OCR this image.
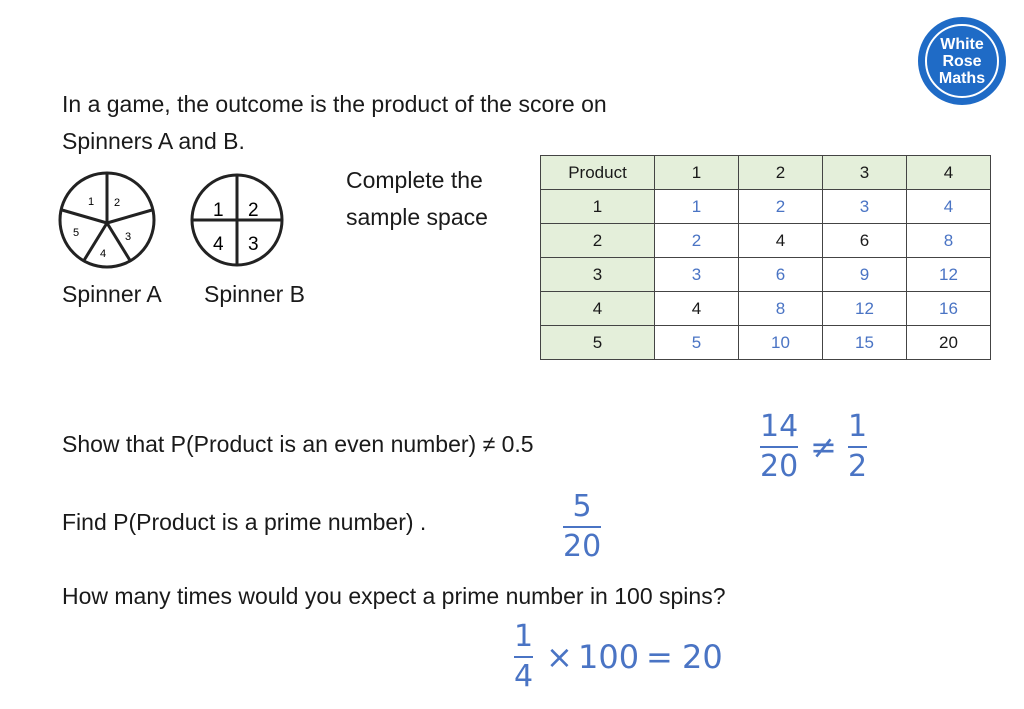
White
Rose
Maths
In a game, the outcome is the product of the score on
Spinners A and B.
1 2
3
4
5
1 2
3
4
Spinner A Spinner B
Complete the
sample space
Product	1	2	3	4
1	1	2	3	4
2	2	4	6	8
3	3	6	9	12
4	4	8	12	16
5	5	10	15	20
Show that P(Product is an even number) ≠ 0.5
Find P(Product is a prime number) .
How many times would you expect a prime number in 100 spins?
14
20
≠
1
2
5
20
1
4
× 100 = 20
